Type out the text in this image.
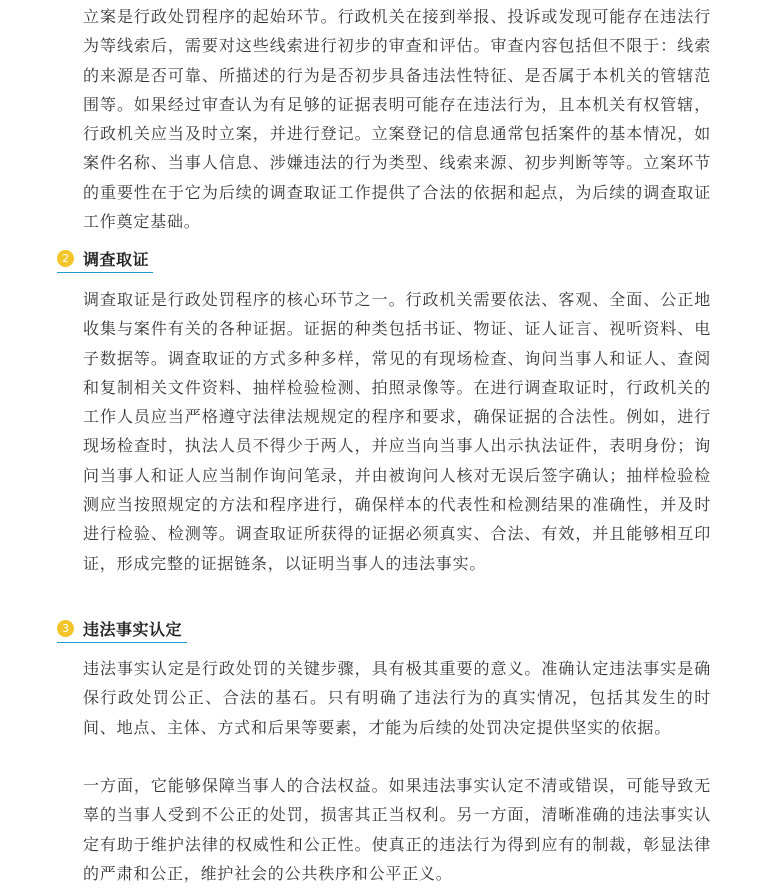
立案是行政处罚程序的起始环节。行政机关在接到举报、投诉或发现可能存在违法行为等线索后，需要对这些线索进行初步的审查和评估。审查内容包括但不限于：线索的来源是否可靠、所描述的行为是否初步具备违法性特征、是否属于本机关的管辖范围等。如果经过审查认为有足够的证据表明可能存在违法行为，且本机关有权管辖，行政机关应当及时立案，并进行登记。立案登记的信息通常包括案件的基本情况，如案件名称、当事人信息、涉嫌违法的行为类型、线索来源、初步判断等等。立案环节的重要性在于它为后续的调查取证工作提供了合法的依据和起点，为后续的调查取证工作奠定基础。

2 调查取证

调查取证是行政处罚程序的核心环节之一。行政机关需要依法、客观、全面、公正地收集与案件有关的各种证据。证据的种类包括书证、物证、证人证言、视听资料、电子数据等。调查取证的方式多种多样，常见的有现场检查、询问当事人和证人、查阅和复制相关文件资料、抽样检验检测、拍照录像等。在进行调查取证时，行政机关的工作人员应当严格遵守法律法规规定的程序和要求，确保证据的合法性。例如，进行现场检查时，执法人员不得少于两人，并应当向当事人出示执法证件，表明身份；询问当事人和证人应当制作询问笔录，并由被询问人核对无误后签字确认；抽样检验检测应当按照规定的方法和程序进行，确保样本的代表性和检测结果的准确性，并及时进行检验、检测等。调查取证所获得的证据必须真实、合法、有效，并且能够相互印证，形成完整的证据链条，以证明当事人的违法事实。

3 违法事实认定

违法事实认定是行政处罚的关键步骤，具有极其重要的意义。准确认定违法事实是确保行政处罚公正、合法的基石。只有明确了违法行为的真实情况，包括其发生的时间、地点、主体、方式和后果等要素，才能为后续的处罚决定提供坚实的依据。

一方面，它能够保障当事人的合法权益。如果违法事实认定不清或错误，可能导致无辜的当事人受到不公正的处罚，损害其正当权利。另一方面，清晰准确的违法事实认定有助于维护法律的权威性和公正性。使真正的违法行为得到应有的制裁，彰显法律的严肃和公正，维护社会的公共秩序和公平正义。
